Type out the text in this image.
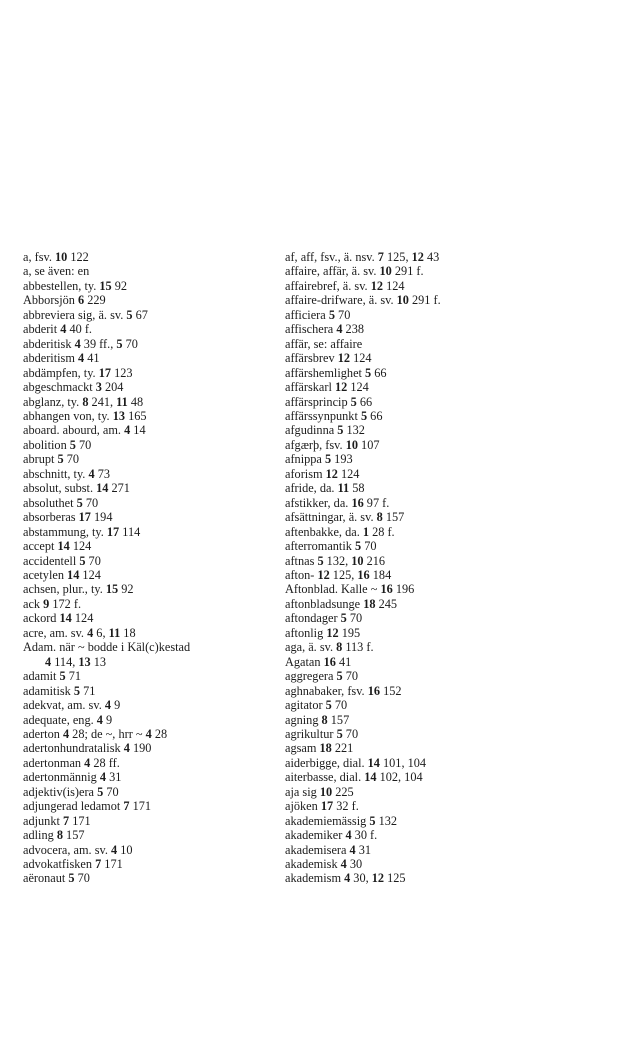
a, fsv. 10 122
a, se även: en
abbestellen, ty. 15 92
Abborsjön 6 229
abbreviera sig, ä. sv. 5 67
abderit 4 40 f.
abderitisk 4 39 ff., 5 70
abderitism 4 41
abdämpfen, ty. 17 123
abgeschmackt 3 204
abglanz, ty. 8 241, 11 48
abhangen von, ty. 13 165
aboard. abourd, am. 4 14
abolition 5 70
abrupt 5 70
abschnitt, ty. 4 73
absolut, subst. 14 271
absoluthet 5 70
absorberas 17 194
abstammung, ty. 17 114
accept 14 124
accidentell 5 70
acetylen 14 124
achsen, plur., ty. 15 92
ack 9 172 f.
ackord 14 124
acre, am. sv. 4 6, 11 18
Adam. när ~ bodde i Käl(c)kestad
4 114, 13 13
adamit 5 71
adamitisk 5 71
adekvat, am. sv. 4 9
adequate, eng. 4 9
aderton 4 28; de ~, hrr ~ 4 28
adertonhundratalisk 4 190
adertonman 4 28 ff.
adertonmännig 4 31
adjektiv(is)era 5 70
adjungerad ledamot 7 171
adjunkt 7 171
adling 8 157
advocera, am. sv. 4 10
advokatfisken 7 171
aëronaut 5 70
af, aff, fsv., ä. nsv. 7 125, 12 43
affaire, affär, ä. sv. 10 291 f.
affairebref, ä. sv. 12 124
affaire-drifware, ä. sv. 10 291 f.
afficiera 5 70
affischera 4 238
affär, se: affaire
affärsbrev 12 124
affärshemlighet 5 66
affärskarl 12 124
affärsprincip 5 66
affärssynpunkt 5 66
afgudinna 5 132
afgærþ, fsv. 10 107
afnippa 5 193
aforism 12 124
afride, da. 11 58
afstikker, da. 16 97 f.
afsättningar, ä. sv. 8 157
aftenbakke, da. 1 28 f.
afterromantik 5 70
aftnas 5 132, 10 216
afton- 12 125, 16 184
Aftonblad. Kalle ~ 16 196
aftonbladsunge 18 245
aftondager 5 70
aftonlig 12 195
aga, ä. sv. 8 113 f.
Agatan 16 41
aggregera 5 70
aghnabaker, fsv. 16 152
agitator 5 70
agning 8 157
agrikultur 5 70
agsam 18 221
aiderbigge, dial. 14 101, 104
aiterbasse, dial. 14 102, 104
aja sig 10 225
ajöken 17 32 f.
akademiemässig 5 132
akademiker 4 30 f.
akademisera 4 31
akademisk 4 30
akademism 4 30, 12 125
